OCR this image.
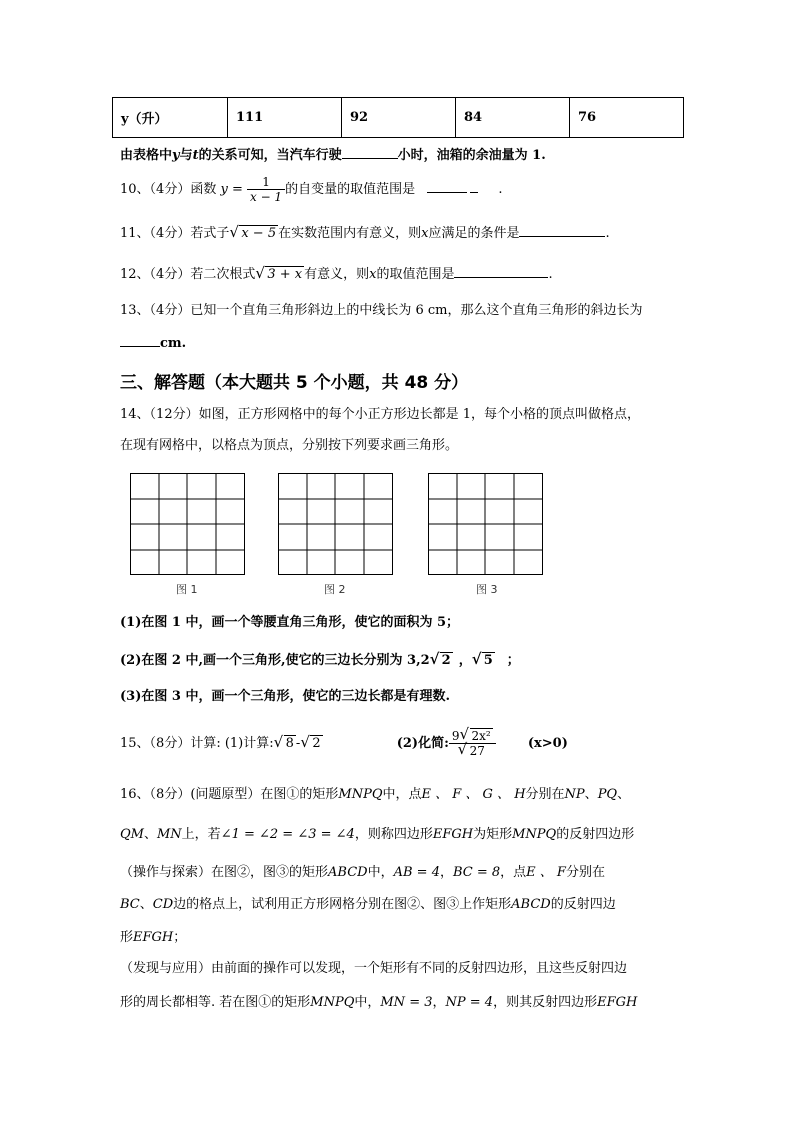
y（升）	111	92	84	76
由表格中y与t的关系可知，当汽车行驶	小时，油箱的余油量为 1.
10、（4分）函数 $y = \frac{1}{x - 1}$ 的自变量的取值范围是	.
11、（4分）若式子 √ x − 5 在实数范围内有意义，则x应满足的条件是	.
12、（4分）若二次根式 √ 3 + x 有意义，则x的取值范围是	.
13、（4分）已知一个直角三角形斜边上的中线长为 6 cm，那么这个直角三角形的斜边长为
cm.
三、解答题（本大题共 5 个小题，共 48 分）
14、（12分）如图，正方形网格中的每个小正方形边长都是 1，每个小格的顶点叫做格点，
在现有网格中，以格点为顶点，分别按下列要求画三角形。
图 1	图 2	图 3
(1)在图 1 中，画一个等腰直角三角形，使它的面积为 5；
(2)在图 2 中,画一个三角形,使它的三边长分别为 3,2 √ 2 ， √ 5 ；
(3)在图 3 中，画一个三角形，使它的三边长都是有理数.
15、（8分）计算: (1)计算: √ 8 - √ 2	(2)化简: 9 √ 2x²
√ 27 (x>0)
16、（8分）(问题原型）在图①的矩形MNPQ中，点E 、 F 、 G 、 H分别在NP、PQ、
QM、MN上，若∠1 = ∠2 = ∠3 = ∠4，则称四边形EFGH为矩形MNPQ的反射四边形
（操作与探索）在图②，图③的矩形ABCD中，AB = 4，BC = 8，点E 、 F分别在
BC、CD边的格点上，试利用正方形网格分别在图②、图③上作矩形ABCD的反射四边
形EFGH；
（发现与应用）由前面的操作可以发现，一个矩形有不同的反射四边形，且这些反射四边
形的周长都相等. 若在图①的矩形MNPQ中，MN = 3，NP = 4，则其反射四边形EFGH
